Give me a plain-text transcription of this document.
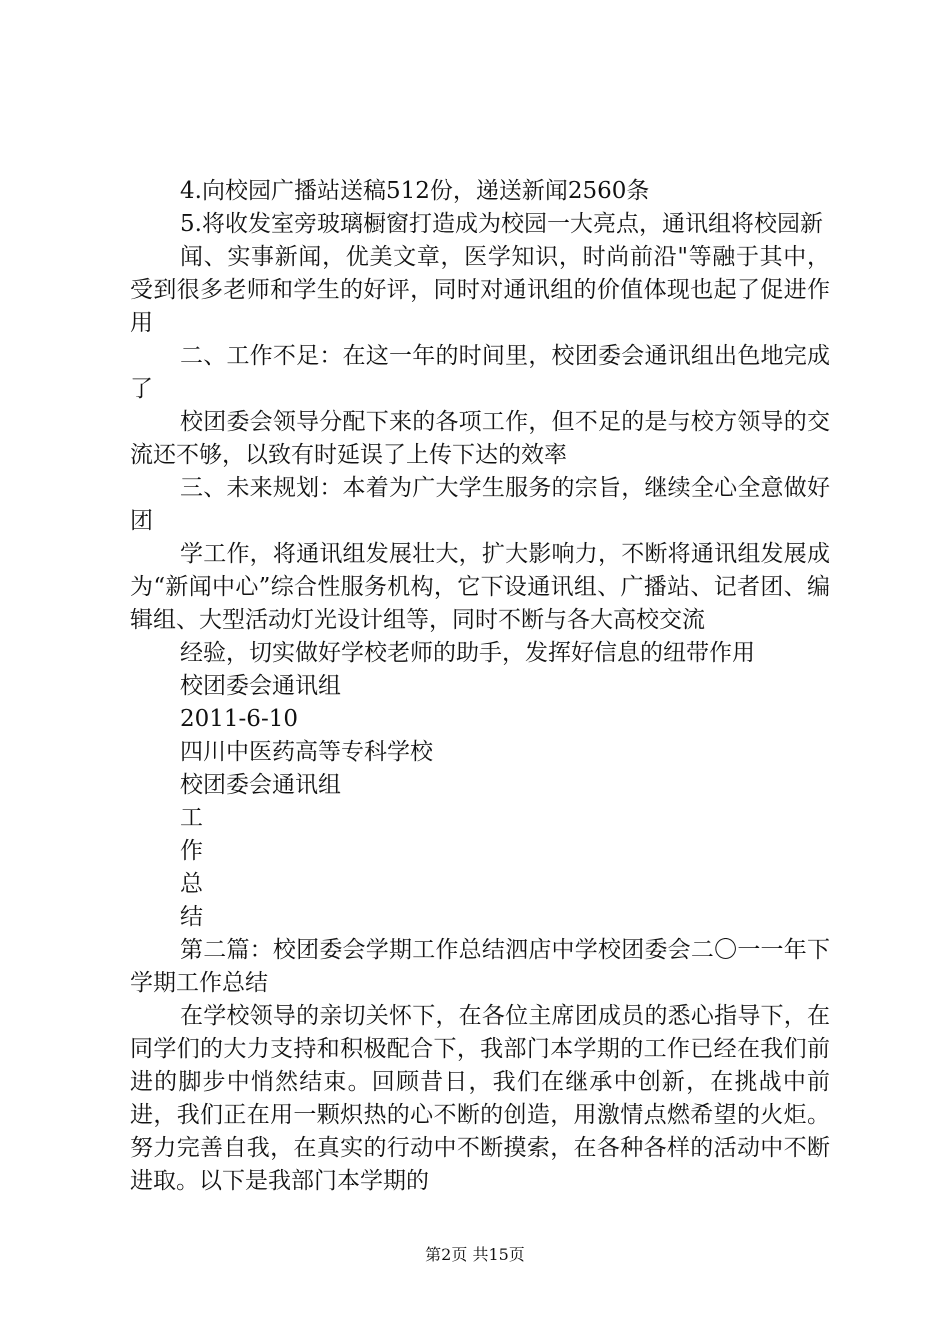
4.向校园广播站送稿512份，递送新闻2560条

5.将收发室旁玻璃橱窗打造成为校园一大亮点，通讯组将校园新

闻、实事新闻，优美文章，医学知识，时尚前沿"等融于其中，受到很多老师和学生的好评，同时对通讯组的价值体现也起了促进作用

二、工作不足：在这一年的时间里，校团委会通讯组出色地完成了

校团委会领导分配下来的各项工作，但不足的是与校方领导的交流还不够，以致有时延误了上传下达的效率

三、未来规划：本着为广大学生服务的宗旨，继续全心全意做好团

学工作，将通讯组发展壮大，扩大影响力，不断将通讯组发展成为“新闻中心”综合性服务机构，它下设通讯组、广播站、记者团、编辑组、大型活动灯光设计组等，同时不断与各大高校交流

经验，切实做好学校老师的助手，发挥好信息的纽带作用

校团委会通讯组

2011-6-10

四川中医药高等专科学校

校团委会通讯组

工

作

总

结

第二篇：校团委会学期工作总结泗店中学校团委会二〇一一年下学期工作总结

在学校领导的亲切关怀下，在各位主席团成员的悉心指导下，在同学们的大力支持和积极配合下，我部门本学期的工作已经在我们前进的脚步中悄然结束。回顾昔日，我们在继承中创新，在挑战中前进，我们正在用一颗炽热的心不断的创造，用激情点燃希望的火炬。努力完善自我，在真实的行动中不断摸索，在各种各样的活动中不断进取。以下是我部门本学期的

第2页 共15页
